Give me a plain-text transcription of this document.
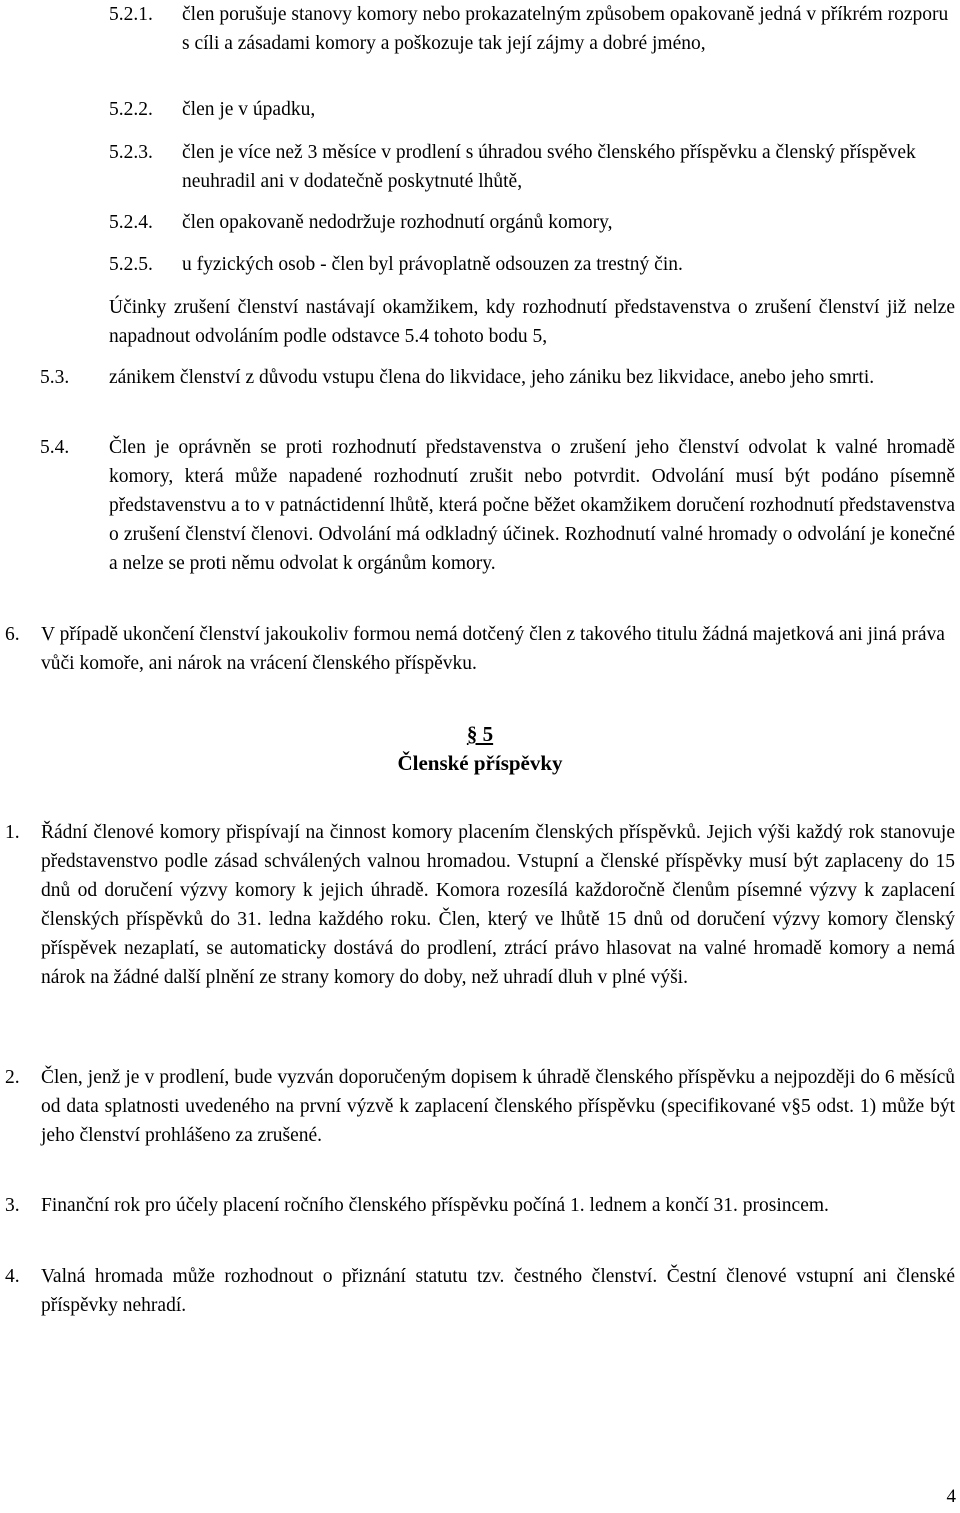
5.2.1. člen porušuje stanovy komory nebo prokazatelným způsobem opakovaně jedná v příkrém rozporu s cíli a zásadami komory a poškozuje tak její zájmy a dobré jméno,
5.2.2. člen je v úpadku,
5.2.3. člen je více než 3 měsíce v prodlení s úhradou svého členského příspěvku a členský příspěvek neuhradil ani v dodatečně poskytnuté lhůtě,
5.2.4. člen opakovaně nedodržuje rozhodnutí orgánů komory,
5.2.5. u fyzických osob - člen byl právoplatně odsouzen za trestný čin.
Účinky zrušení členství nastávají okamžikem, kdy rozhodnutí představenstva o zrušení členství již nelze napadnout odvoláním podle odstavce 5.4 tohoto bodu 5,
5.3. zánikem členství z důvodu vstupu člena do likvidace, jeho zániku bez likvidace, anebo jeho smrti.
5.4. Člen je oprávněn se proti rozhodnutí představenstva o zrušení jeho členství odvolat k valné hromadě komory, která může napadené rozhodnutí zrušit nebo potvrdit. Odvolání musí být podáno písemně představenstvu a to v patnáctidenní lhůtě, která počne běžet okamžikem doručení rozhodnutí představenstva o zrušení členství členovi. Odvolání má odkladný účinek. Rozhodnutí valné hromady o odvolání je konečné a nelze se proti němu odvolat k orgánům komory.
6. V případě ukončení členství jakoukoliv formou nemá dotčený člen z takového titulu žádná majetková ani jiná práva vůči komoře, ani nárok na vrácení členského příspěvku.
§ 5
Členské příspěvky
1. Řádní členové komory přispívají na činnost komory placením členských příspěvků. Jejich výši každý rok stanovuje představenstvo podle zásad schválených valnou hromadou. Vstupní a členské příspěvky musí být zaplaceny do 15 dnů od doručení výzvy komory k jejich úhradě. Komora rozesílá každoročně členům písemné výzvy k zaplacení členských příspěvků do 31. ledna každého roku. Člen, který ve lhůtě 15 dnů od doručení výzvy komory členský příspěvek nezaplatí, se automaticky dostává do prodlení, ztrácí právo hlasovat na valné hromadě komory a nemá nárok na žádné další plnění ze strany komory do doby, než uhradí dluh v plné výši.
2. Člen, jenž je v prodlení, bude vyzván doporučeným dopisem k úhradě členského příspěvku a nejpozději do 6 měsíců od data splatnosti uvedeného na první výzvě k zaplacení členského příspěvku (specifikované v§5 odst. 1) může být jeho členství prohlášeno za zrušené.
3. Finanční rok pro účely placení ročního členského příspěvku počíná 1. lednem a končí 31. prosincem.
4. Valná hromada může rozhodnout o přiznání statutu tzv. čestného členství. Čestní členové vstupní ani členské příspěvky nehradí.
4
